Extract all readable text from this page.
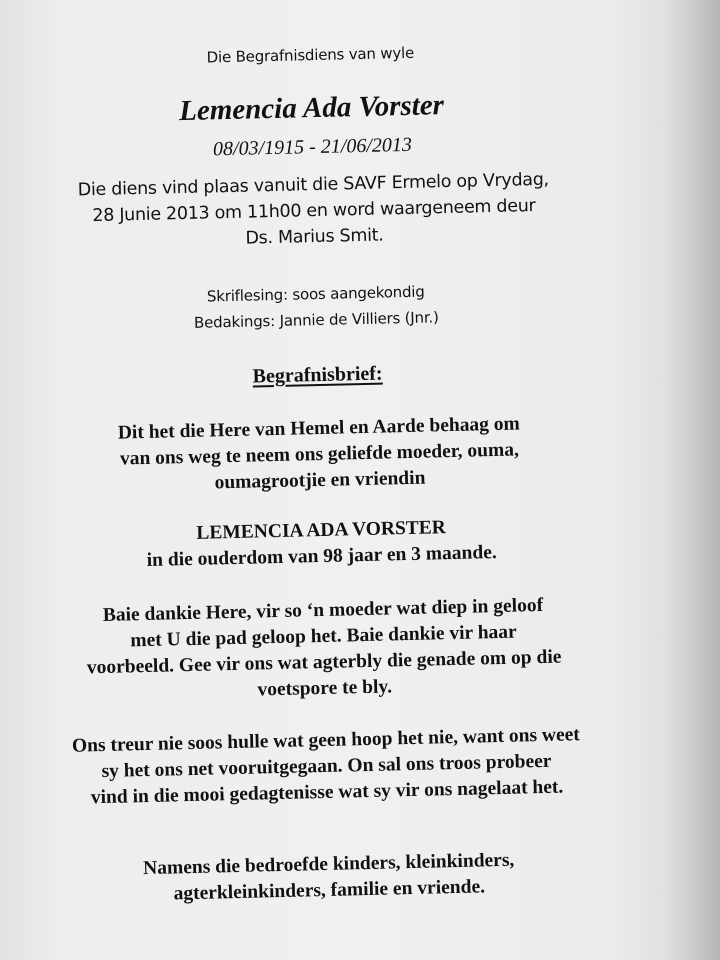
Die Begrafnisdiens van wyle
Lemencia Ada Vorster
08/03/1915 - 21/06/2013
Die diens vind plaas vanuit die SAVF Ermelo op Vrydag,
28 Junie 2013 om 11h00 en word waargeneem deur
Ds. Marius Smit.
Skriflesing: soos aangekondig
Bedakings: Jannie de Villiers (Jnr.)
Begrafnisbrief:
Dit het die Here van Hemel en Aarde behaag om
van ons weg te neem ons geliefde moeder, ouma,
oumagrootjie en vriendin
LEMENCIA ADA VORSTER
in die ouderdom van 98 jaar en 3 maande.
Baie dankie Here, vir so ‘n moeder wat diep in geloof
met U die pad geloop het. Baie dankie vir haar
voorbeeld. Gee vir ons wat agterbly die genade om op die
voetspore te bly.
Ons treur nie soos hulle wat geen hoop het nie, want ons weet
sy het ons net vooruitgegaan. On sal ons troos probeer
vind in die mooi gedagtenisse wat sy vir ons nagelaat het.
Namens die bedroefde kinders, kleinkinders,
agterkleinkinders, familie en vriende.
